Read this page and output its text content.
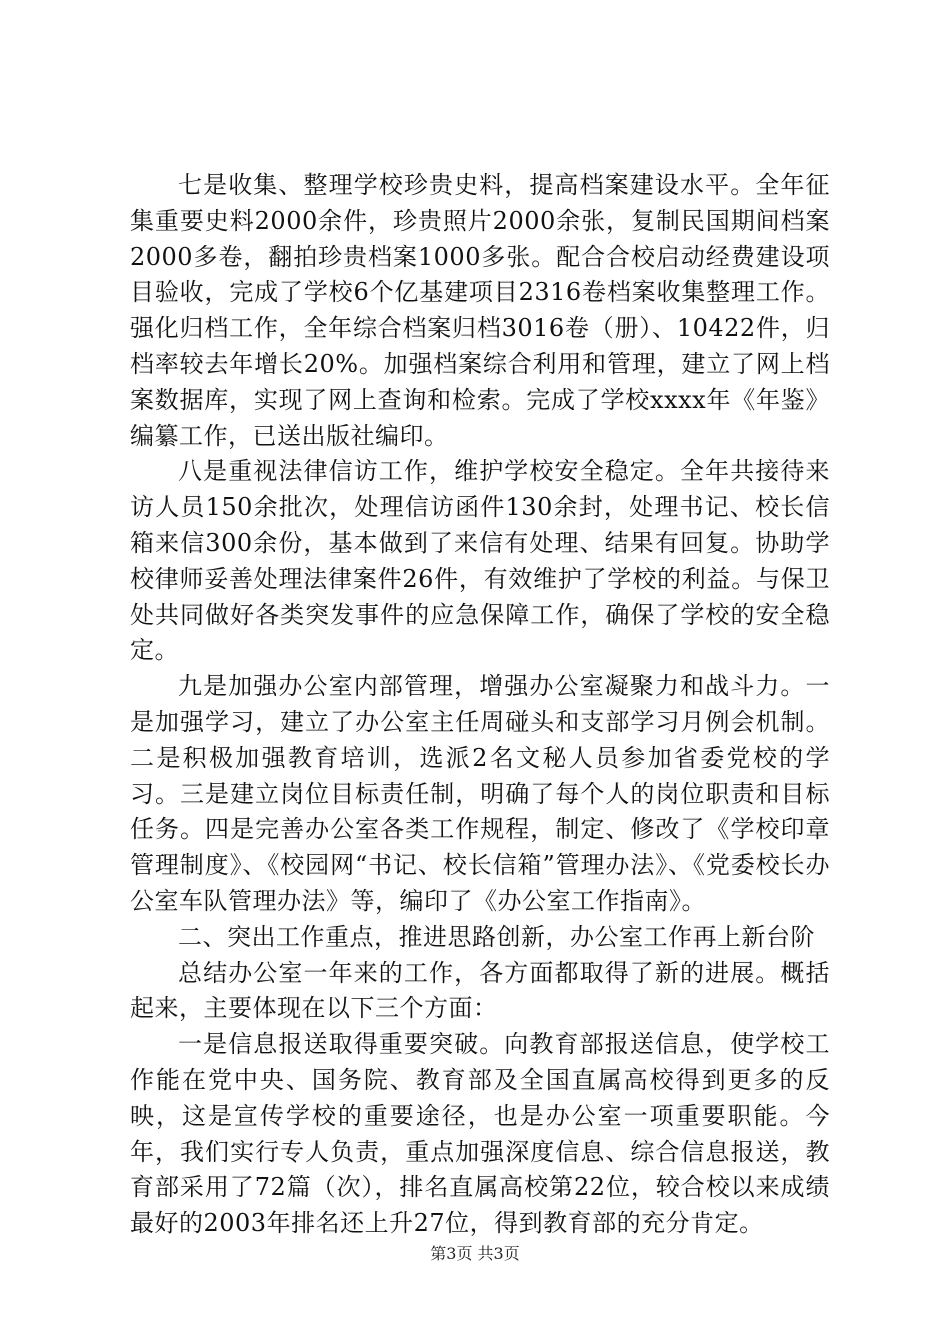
七是收集、整理学校珍贵史料，提高档案建设水平。全年征集重要史料2000余件，珍贵照片2000余张，复制民国期间档案2000多卷，翻拍珍贵档案1000多张。配合合校启动经费建设项目验收，完成了学校6个亿基建项目2316卷档案收集整理工作。强化归档工作，全年综合档案归档3016卷（册）、10422件，归档率较去年增长20%。加强档案综合利用和管理，建立了网上档案数据库，实现了网上查询和检索。完成了学校xxxx年《年鉴》编纂工作，已送出版社编印。

八是重视法律信访工作，维护学校安全稳定。全年共接待来访人员150余批次，处理信访函件130余封，处理书记、校长信箱来信300余份，基本做到了来信有处理、结果有回复。协助学校律师妥善处理法律案件26件，有效维护了学校的利益。与保卫处共同做好各类突发事件的应急保障工作，确保了学校的安全稳定。

九是加强办公室内部管理，增强办公室凝聚力和战斗力。一是加强学习，建立了办公室主任周碰头和支部学习月例会机制。二是积极加强教育培训，选派2名文秘人员参加省委党校的学习。三是建立岗位目标责任制，明确了每个人的岗位职责和目标任务。四是完善办公室各类工作规程，制定、修改了《学校印章管理制度》、《校园网“书记、校长信箱”管理办法》、《党委校长办公室车队管理办法》等，编印了《办公室工作指南》。

二、突出工作重点，推进思路创新，办公室工作再上新台阶

总结办公室一年来的工作，各方面都取得了新的进展。概括起来，主要体现在以下三个方面：

一是信息报送取得重要突破。向教育部报送信息，使学校工作能在党中央、国务院、教育部及全国直属高校得到更多的反映，这是宣传学校的重要途径，也是办公室一项重要职能。今年，我们实行专人负责，重点加强深度信息、综合信息报送，教育部采用了72篇（次），排名直属高校第22位，较合校以来成绩最好的2003年排名还上升27位，得到教育部的充分肯定。

第3页 共3页
